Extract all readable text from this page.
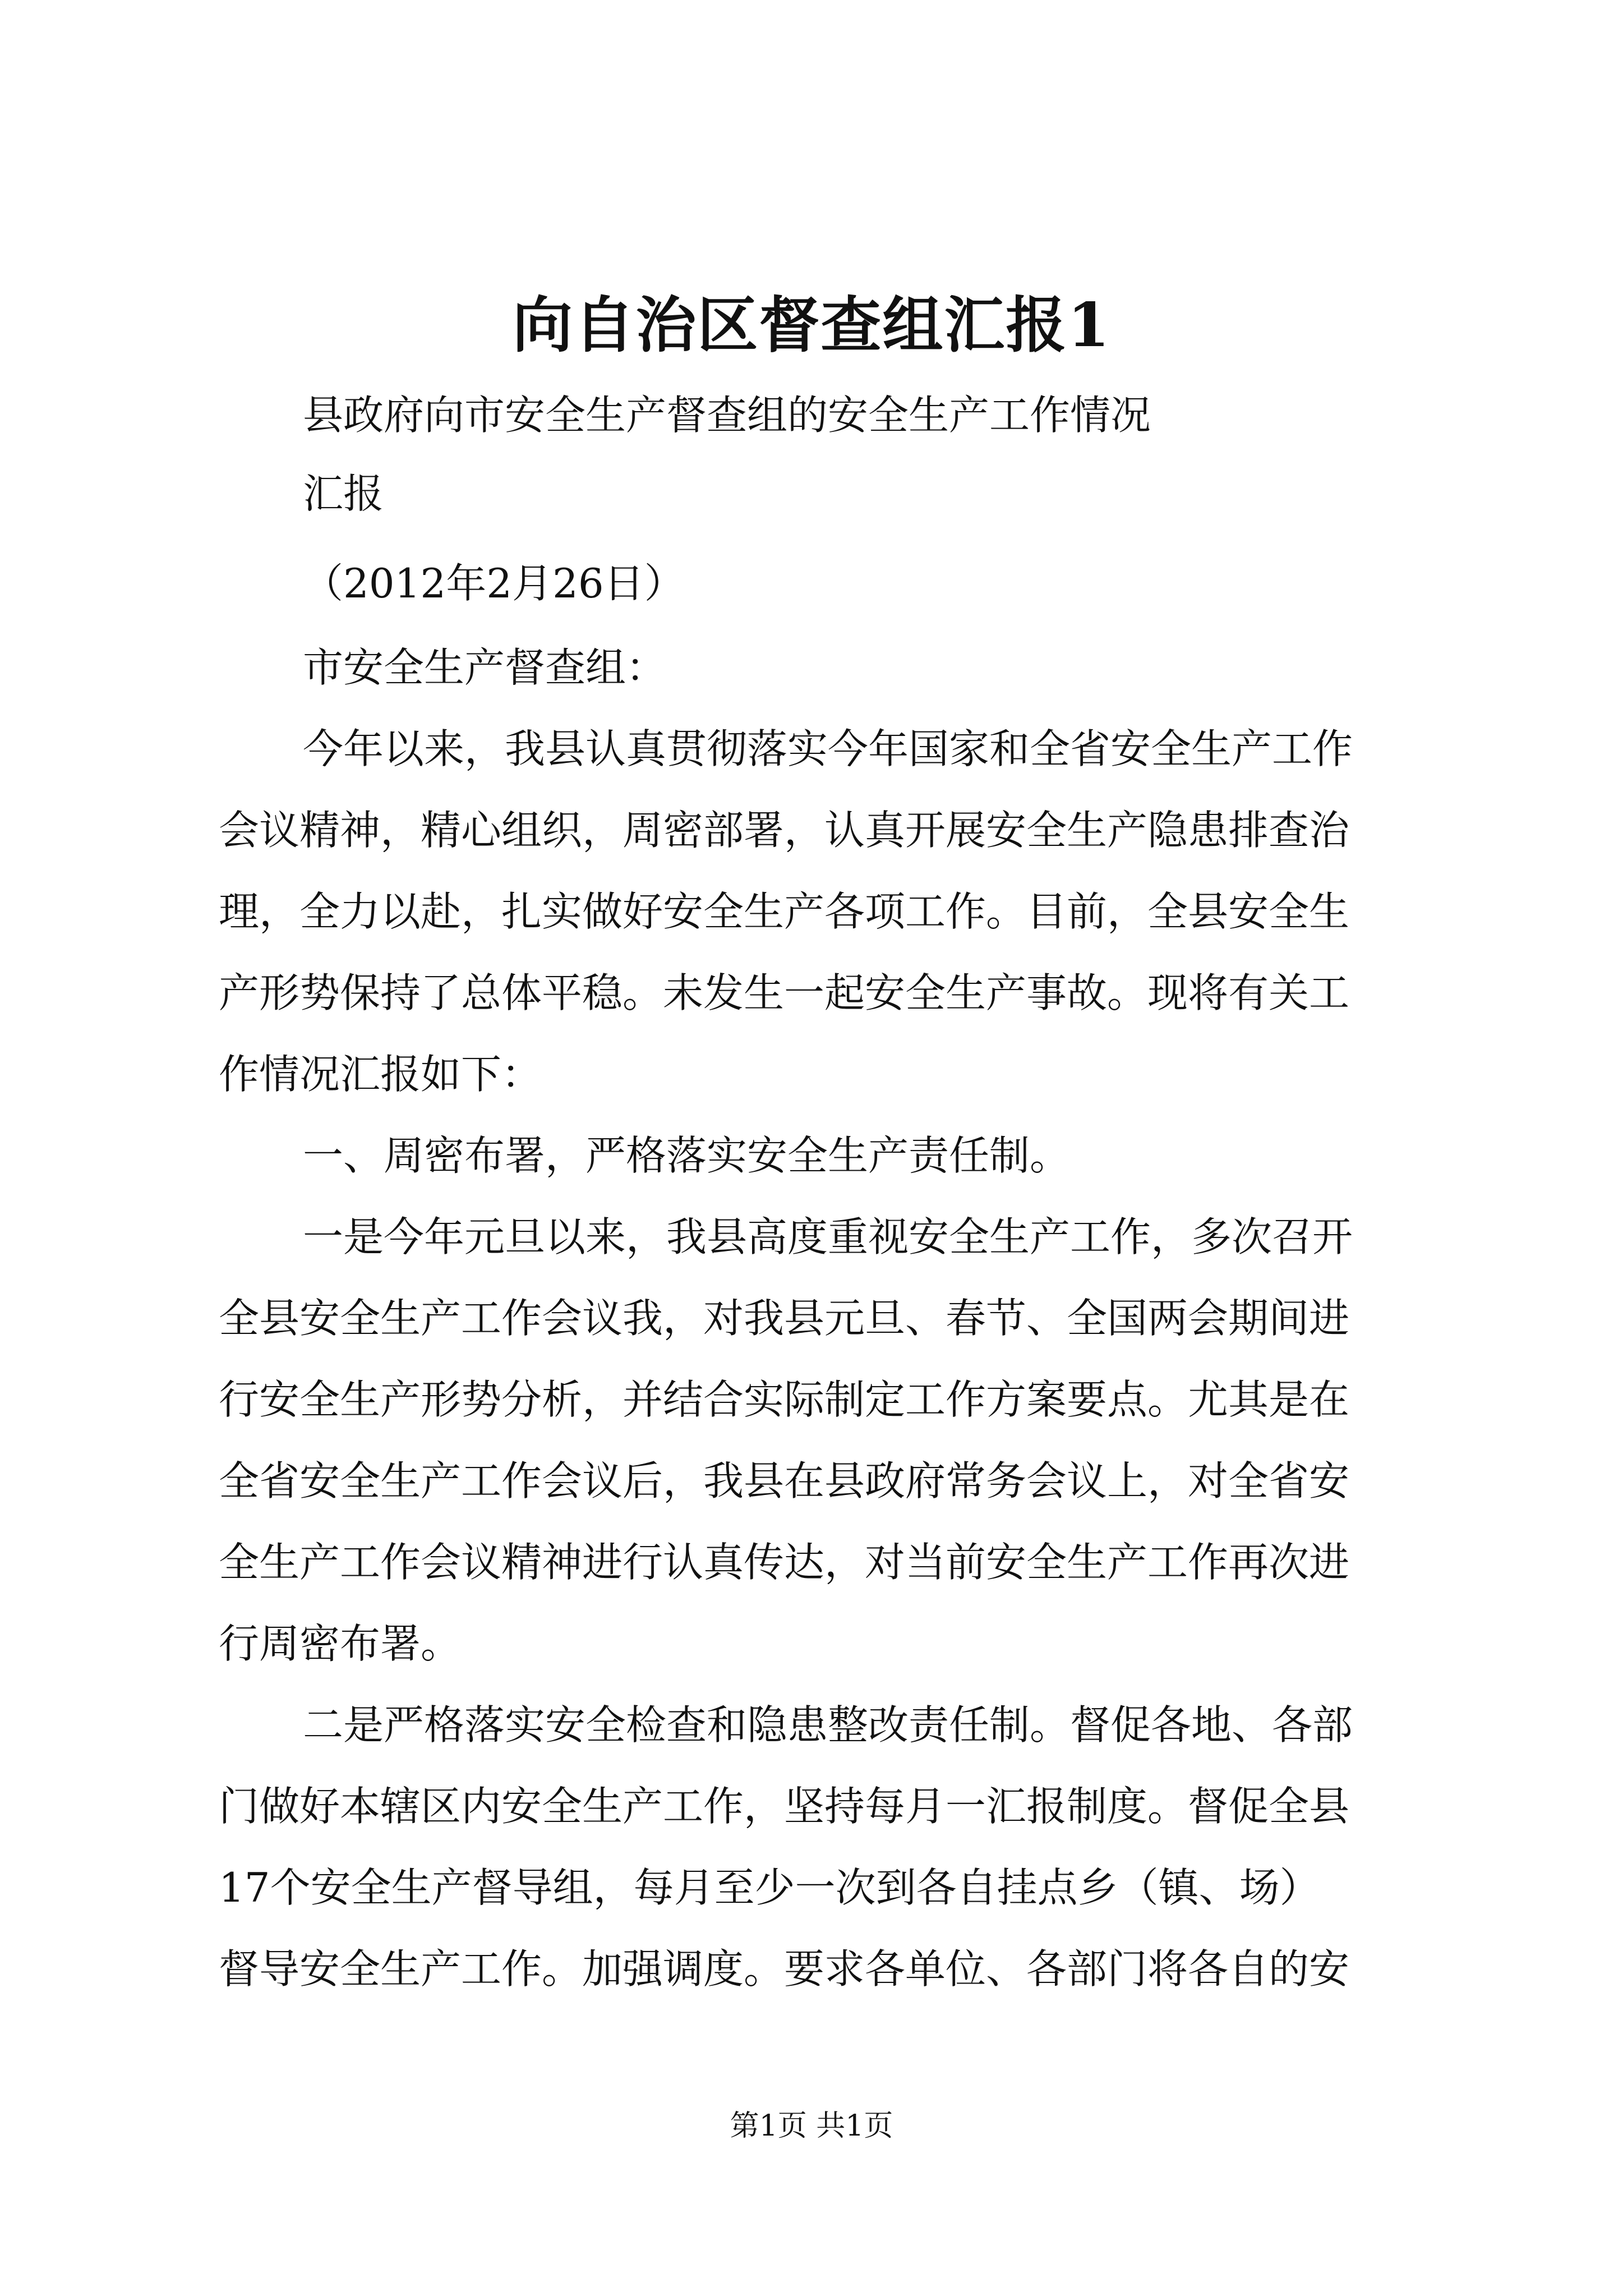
向自治区督查组汇报1
县政府向市安全生产督查组的安全生产工作情况
汇报
（2012年2月26日）
市安全生产督查组：
今年以来，我县认真贯彻落实今年国家和全省安全生产工作
会议精神，精心组织，周密部署，认真开展安全生产隐患排查治
理，全力以赴，扎实做好安全生产各项工作。目前，全县安全生
产形势保持了总体平稳。未发生一起安全生产事故。现将有关工
作情况汇报如下：
一、周密布署，严格落实安全生产责任制。
一是今年元旦以来，我县高度重视安全生产工作，多次召开
全县安全生产工作会议我，对我县元旦、春节、全国两会期间进
行安全生产形势分析，并结合实际制定工作方案要点。尤其是在
全省安全生产工作会议后，我县在县政府常务会议上，对全省安
全生产工作会议精神进行认真传达，对当前安全生产工作再次进
行周密布署。
二是严格落实安全检查和隐患整改责任制。督促各地、各部
门做好本辖区内安全生产工作，坚持每月一汇报制度。督促全县
17个安全生产督导组，每月至少一次到各自挂点乡（镇、场）
督导安全生产工作。加强调度。要求各单位、各部门将各自的安
第1页 共1页
